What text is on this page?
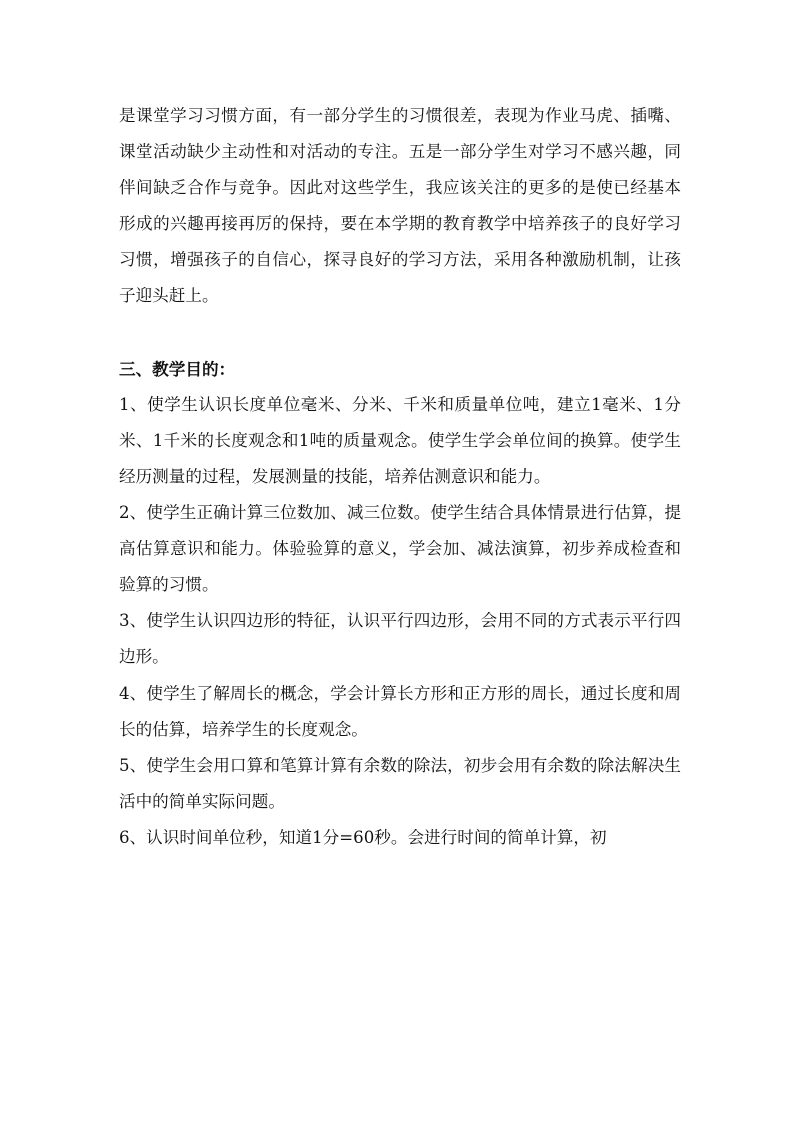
是课堂学习习惯方面，有一部分学生的习惯很差，表现为作业马虎、插嘴、课堂活动缺少主动性和对活动的专注。五是一部分学生对学习不感兴趣，同伴间缺乏合作与竞争。因此对这些学生，我应该关注的更多的是使已经基本形成的兴趣再接再厉的保持，要在本学期的教育教学中培养孩子的良好学习习惯，增强孩子的自信心，探寻良好的学习方法，采用各种激励机制，让孩子迎头赶上。

三、教学目的：

1、使学生认识长度单位毫米、分米、千米和质量单位吨，建立1毫米、1分米、1千米的长度观念和1吨的质量观念。使学生学会单位间的换算。使学生经历测量的过程，发展测量的技能，培养估测意识和能力。

2、使学生正确计算三位数加、减三位数。使学生结合具体情景进行估算，提高估算意识和能力。体验验算的意义，学会加、减法演算，初步养成检查和验算的习惯。

3、使学生认识四边形的特征，认识平行四边形，会用不同的方式表示平行四边形。

4、使学生了解周长的概念，学会计算长方形和正方形的周长，通过长度和周长的估算，培养学生的长度观念。

5、使学生会用口算和笔算计算有余数的除法，初步会用有余数的除法解决生活中的简单实际问题。

6、认识时间单位秒，知道1分=60秒。会进行时间的简单计算，初
